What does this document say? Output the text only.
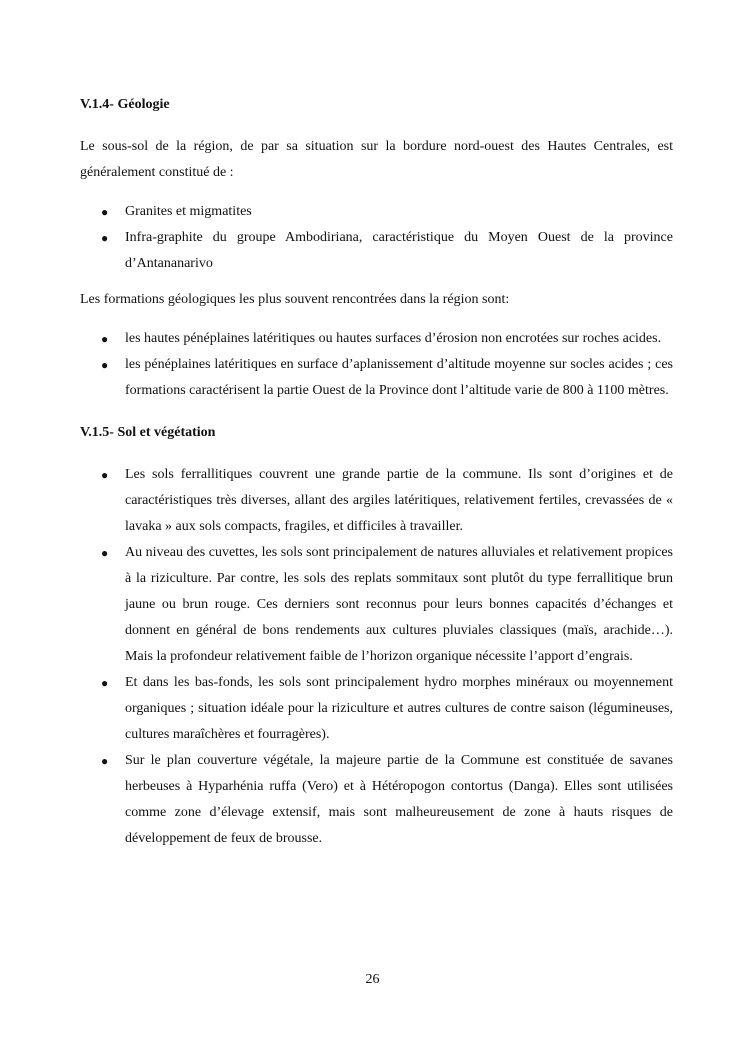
V.1.4- Géologie

Le sous-sol de la région, de par sa situation sur la bordure nord-ouest des Hautes Centrales, est généralement constitué de :

● Granites et migmatites
● Infra-graphite du groupe Ambodiriana, caractéristique du Moyen Ouest de la province d’Antananarivo

Les formations géologiques les plus souvent rencontrées dans la région sont:

● les hautes pénéplaines latéritiques ou hautes surfaces d’érosion non encrotées sur roches acides.
● les pénéplaines latéritiques en surface d’aplanissement d’altitude moyenne sur socles acides ; ces formations caractérisent la partie Ouest de la Province dont l’altitude varie de 800 à 1100 mètres.

V.1.5- Sol et végétation

● Les sols ferrallitiques couvrent une grande partie de la commune. Ils sont d’origines et de caractéristiques très diverses, allant des argiles latéritiques, relativement fertiles, crevassées de « lavaka » aux sols compacts, fragiles, et difficiles à travailler.
● Au niveau des cuvettes, les sols sont principalement de natures alluviales et relativement propices à la riziculture. Par contre, les sols des replats sommitaux sont plutôt du type ferrallitique brun jaune ou brun rouge. Ces derniers sont reconnus pour leurs bonnes capacités d’échanges et donnent en général de bons rendements aux cultures pluviales classiques (maïs, arachide…). Mais la profondeur relativement faible de l’horizon organique nécessite l’apport d’engrais.
● Et dans les bas-fonds, les sols sont principalement hydro morphes minéraux ou moyennement organiques ; situation idéale pour la riziculture et autres cultures de contre saison (légumineuses, cultures maraîchères et fourragères).
● Sur le plan couverture végétale, la majeure partie de la Commune est constituée de savanes herbeuses à Hyparhénia ruffa (Vero) et à Hétéropogon contortus (Danga). Elles sont utilisées comme zone d’élevage extensif, mais sont malheureusement de zone à hauts risques de développement de feux de brousse.
26
